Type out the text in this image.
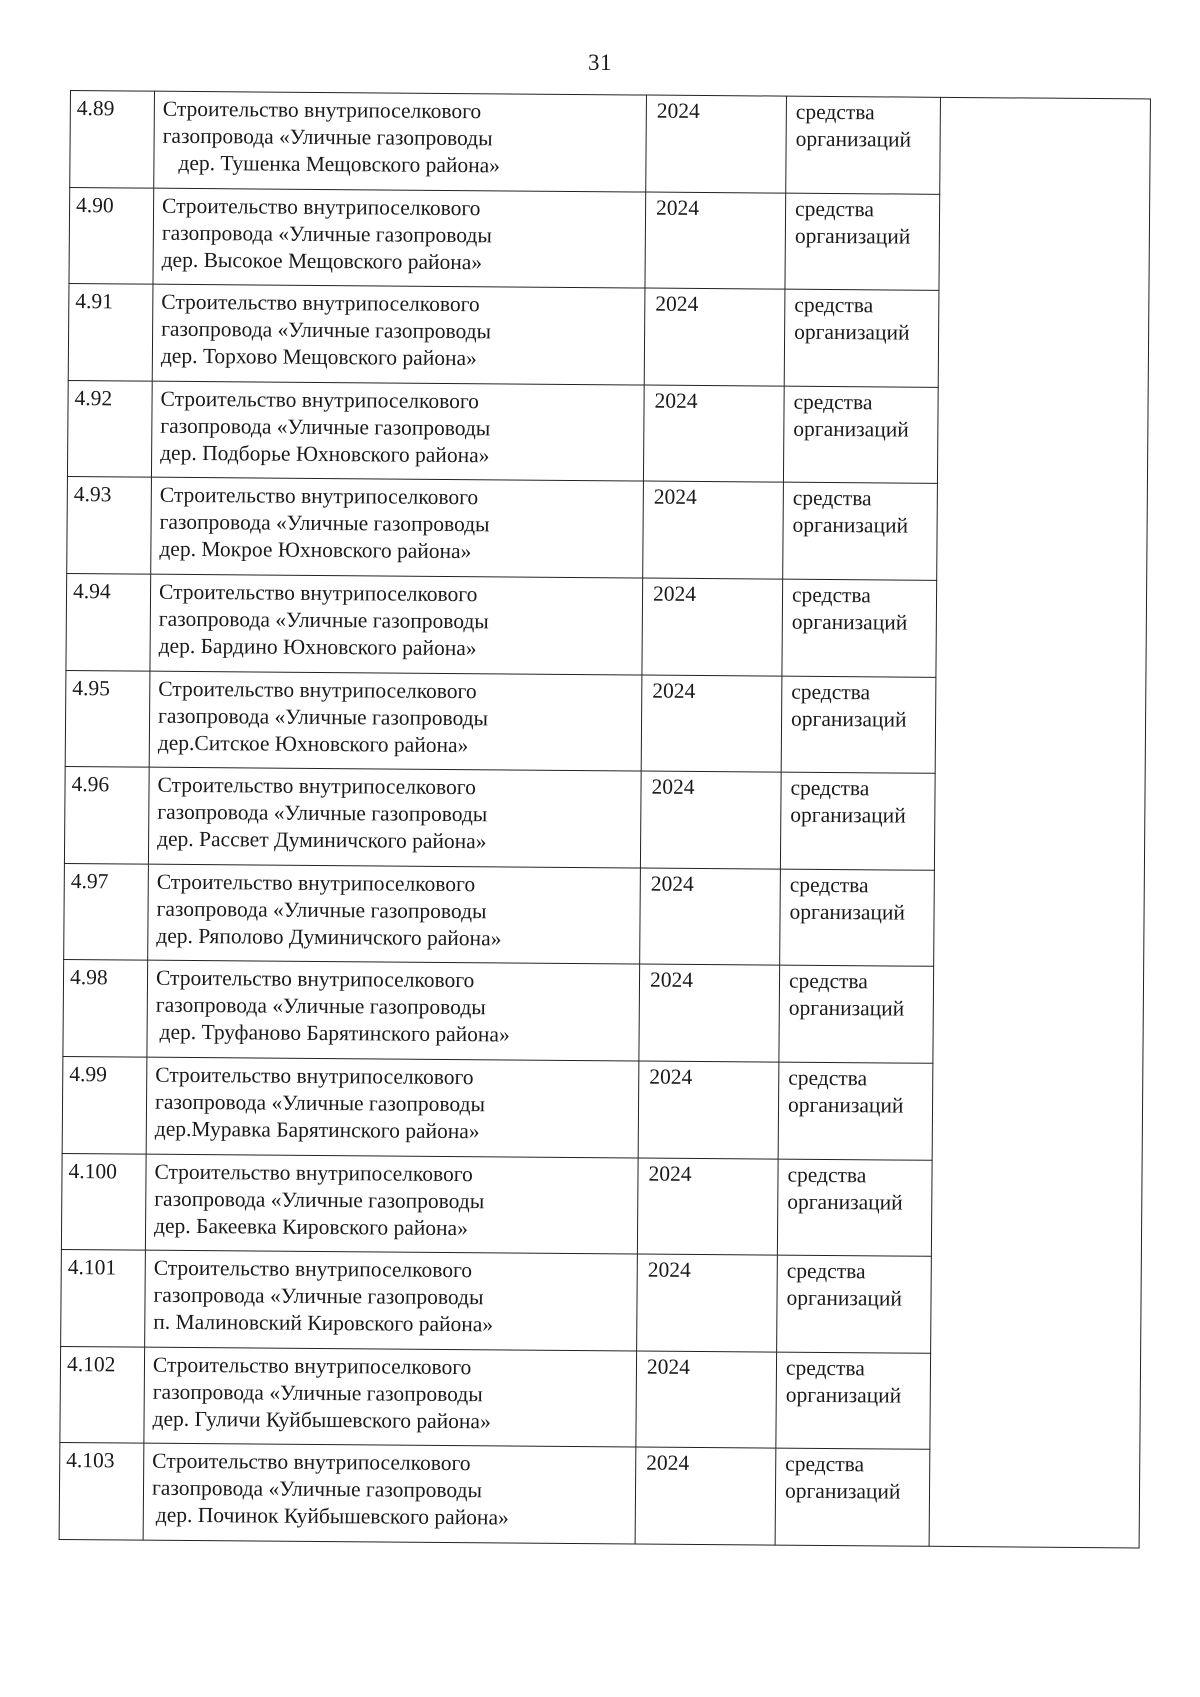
31
4.89	Строительство внутрипоселкового
газопровода «Уличные газопроводы
дер. Тушенка Мещовского района»	2024	средства
организаций	

4.90	Строительство внутрипоселкового
газопровода «Уличные газопроводы
дер. Высокое Мещовского района»	2024	средства
организаций	

4.91	Строительство внутрипоселкового
газопровода «Уличные газопроводы
дер. Торхово Мещовского района»	2024	средства
организаций	

4.92	Строительство внутрипоселкового
газопровода «Уличные газопроводы
дер. Подборье Юхновского района»	2024	средства
организаций	

4.93	Строительство внутрипоселкового
газопровода «Уличные газопроводы
дер. Мокрое Юхновского района»	2024	средства
организаций	

4.94	Строительство внутрипоселкового
газопровода «Уличные газопроводы
дер. Бардино Юхновского района»	2024	средства
организаций	

4.95	Строительство внутрипоселкового
газопровода «Уличные газопроводы
дер.Ситское Юхновского района»	2024	средства
организаций	

4.96	Строительство внутрипоселкового
газопровода «Уличные газопроводы
дер. Рассвет Думиничского района»	2024	средства
организаций	

4.97	Строительство внутрипоселкового
газопровода «Уличные газопроводы
дер. Ряполово Думиничского района»	2024	средства
организаций	

4.98	Строительство внутрипоселкового
газопровода «Уличные газопроводы
дер. Труфаново Барятинского района»	2024	средства
организаций	

4.99	Строительство внутрипоселкового
газопровода «Уличные газопроводы
дер.Муравка Барятинского района»	2024	средства
организаций	

4.100	Строительство внутрипоселкового
газопровода «Уличные газопроводы
дер. Бакеевка Кировского района»	2024	средства
организаций	

4.101	Строительство внутрипоселкового
газопровода «Уличные газопроводы
п. Малиновский Кировского района»	2024	средства
организаций	

4.102	Строительство внутрипоселкового
газопровода «Уличные газопроводы
дер. Гуличи Куйбышевского района»	2024	средства
организаций	

4.103	Строительство внутрипоселкового
газопровода «Уличные газопроводы
дер. Починок Куйбышевского района»	2024	средства
организаций	
